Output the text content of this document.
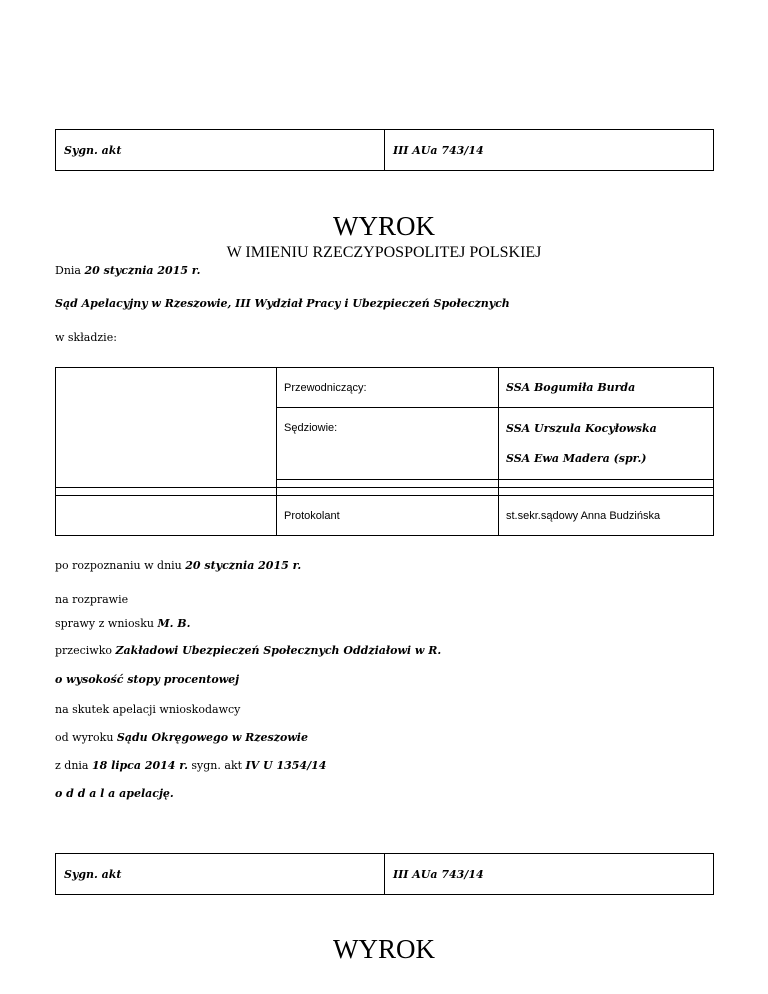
Sygn. akt	III AUa 743/14
WYROK
W IMIENIU RZECZYPOSPOLITEJ POLSKIEJ
Dnia 20 stycznia 2015 r.
Sąd Apelacyjny w Rzeszowie, III Wydział Pracy i Ubezpieczeń Społecznych
w składzie:
	Przewodniczący:	SSA Bogumiła Burda
	Sędziowie:	SSA Urszula Kocyłowska
SSA Ewa Madera (spr.)

	Protokolant	st.sekr.sądowy Anna Budzińska
po rozpoznaniu w dniu 20 stycznia 2015 r.
na rozprawie
sprawy z wniosku M. B.
przeciwko Zakładowi Ubezpieczeń Społecznych Oddziałowi w R.
o wysokość stopy procentowej
na skutek apelacji wnioskodawcy
od wyroku Sądu Okręgowego w Rzeszowie
z dnia 18 lipca 2014 r. sygn. akt IV U 1354/14
o d d a l a apelację.
Sygn. akt	III AUa 743/14
WYROK
